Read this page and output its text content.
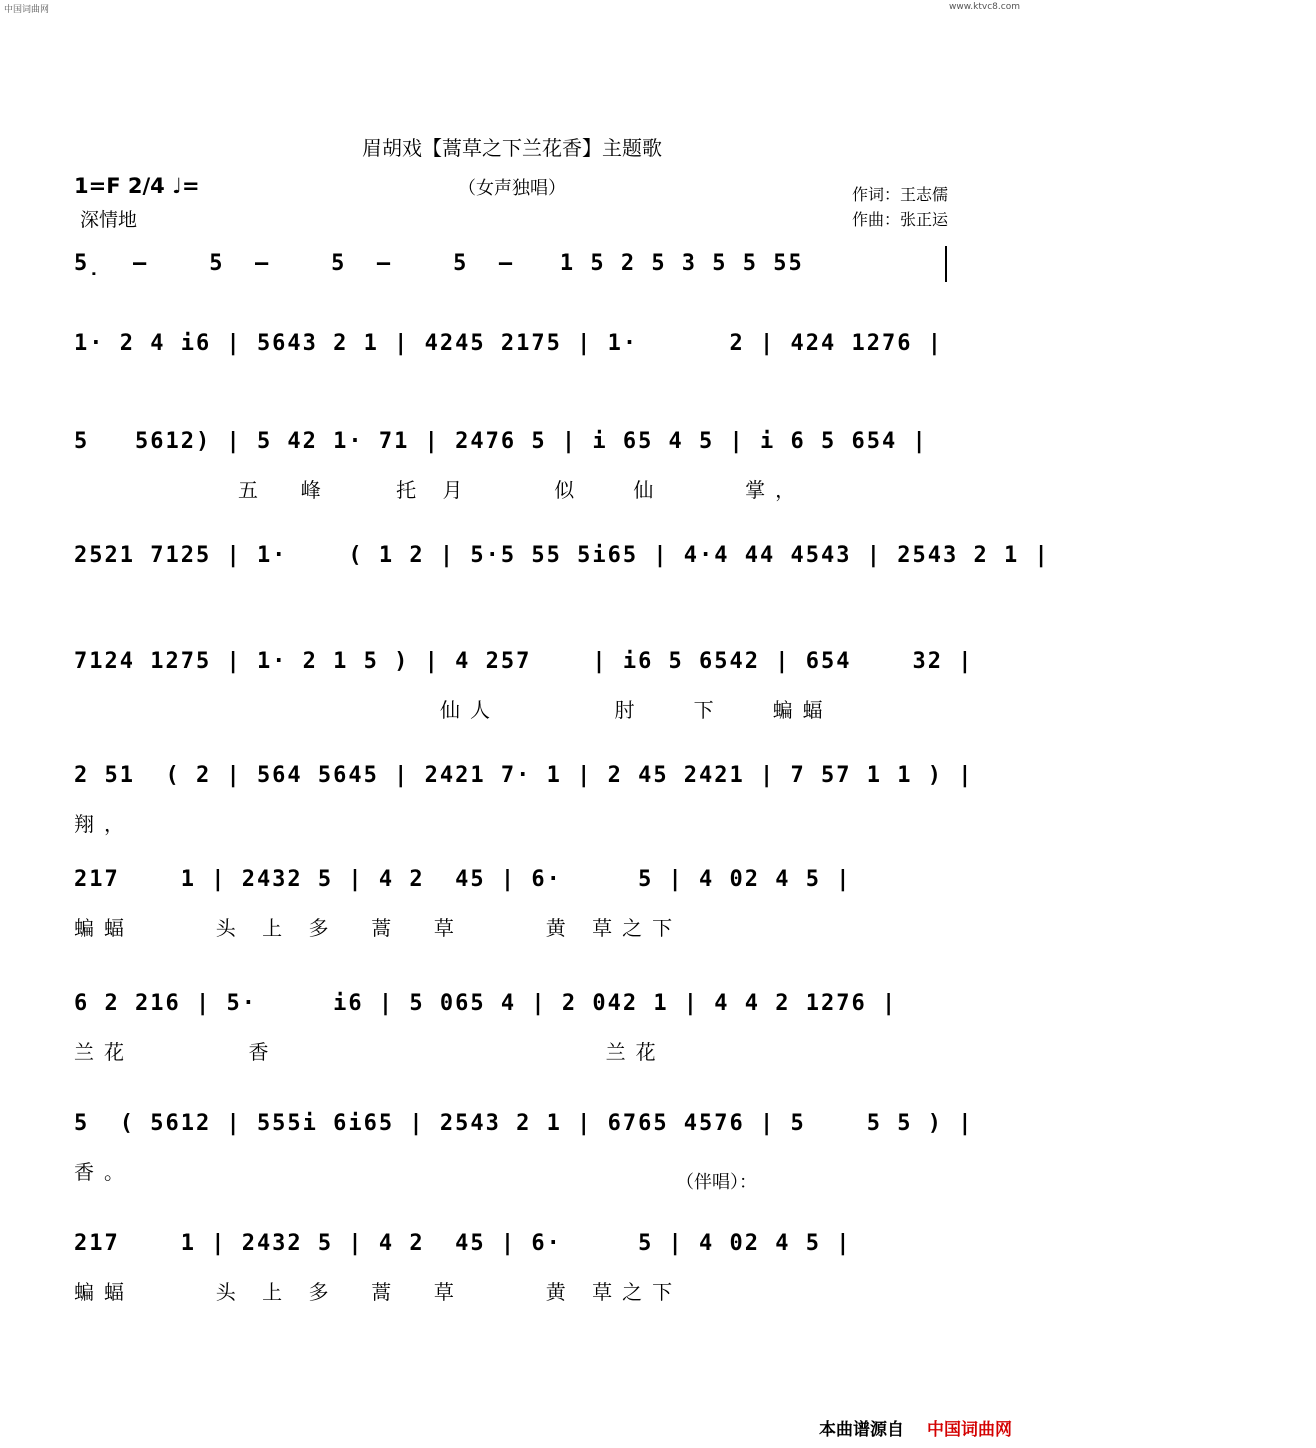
中国词曲网	www.ktvc8.com
眉胡戏【蒿草之下兰花香】主题歌
（女声独唱）	作词：王志儒
作曲：张正运
1=F 2/4 ♩=
深情地
5̣  –    5  –    5  –    5  –   1 5 2 5 3 5 5 55
1· 2 4 i6 | 5643 2 1 | 4245 2175 | 1·      2 | 424 1276 |
5   5612) | 5 42 1· 71 | 2476 5 | i 65 4 5 | i 6 5 654 |
五  峰    托 月     似   仙     掌，
2521 7125 | 1·    ( 1 2 | 5·5 55 5i65 | 4·4 44 4543 | 2543 2 1 |
7124 1275 | 1· 2 1 5 ) | 4 257    | i6 5 6542 | 654    32 |
仙人       肘   下   蝙蝠
2 51  ( 2 | 564 5645 | 2421 7· 1 | 2 45 2421 | 7 57 1 1 ) |
翔，
217    1 | 2432 5 | 4 2  45 | 6·     5 | 4 02 4 5 |
蝙蝠     头 上 多  蒿  草     黄 草之下
6 2 216 | 5·     i6 | 5 065 4 | 2 042 1 | 4 4 2 1276 |
兰花       香                    兰花
5  ( 5612 | 555i 6i65 | 2543 2 1 | 6765 4576 | 5    5 5 ) |
香。	（伴唱）：
217    1 | 2432 5 | 4 2  45 | 6·     5 | 4 02 4 5 |
蝙蝠     头 上 多  蒿  草     黄 草之下
本曲谱源自 中国词曲网
